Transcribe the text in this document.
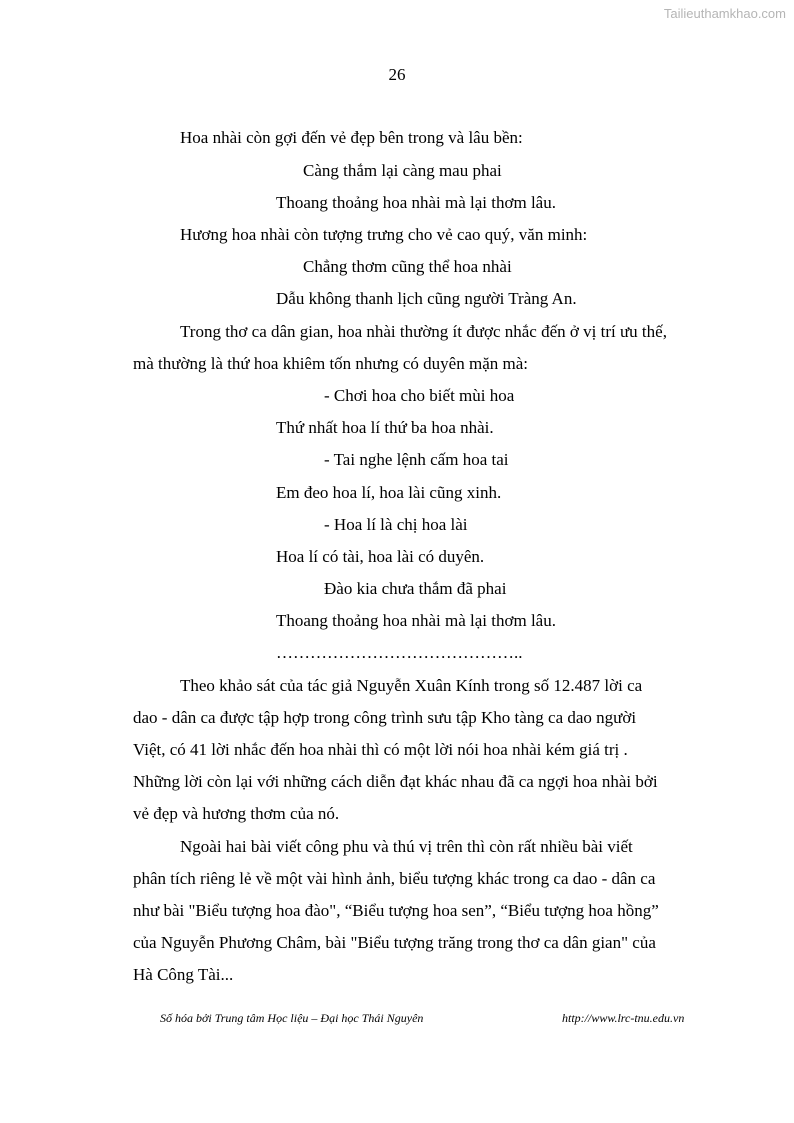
Tailieuthamkhao.com
26
Hoa nhài còn gợi đến vẻ đẹp bên trong và lâu bền:
Càng thắm lại càng mau phai
Thoang thoảng hoa nhài mà lại thơm lâu.
Hương hoa nhài còn tượng trưng cho vẻ cao quý, văn minh:
Chẳng thơm cũng thể hoa nhài
Dẫu không thanh lịch cũng người Tràng An.
Trong thơ ca dân gian, hoa nhài thường ít được nhắc đến ở vị trí ưu thế,
mà thường là thứ hoa khiêm tốn nhưng có duyên mặn mà:
- Chơi hoa cho biết mùi hoa
Thứ nhất hoa lí thứ ba hoa nhài.
- Tai nghe lệnh cấm hoa tai
Em đeo hoa lí, hoa lài cũng xinh.
- Hoa lí là chị hoa lài
Hoa lí có tài, hoa lài có duyên.
Đào kia chưa thắm đã phai
Thoang thoảng hoa nhài mà lại thơm lâu.
……………………………………..
Theo khảo sát của tác giả Nguyễn Xuân Kính trong số 12.487 lời ca
dao - dân ca được tập hợp trong công trình sưu tập Kho tàng ca dao người
Việt, có 41 lời nhắc đến hoa nhài thì có một lời nói hoa nhài kém giá trị .
Những lời còn lại với những cách diễn đạt khác nhau đã ca ngợi hoa nhài bởi
vẻ đẹp và hương thơm của nó.
Ngoài hai bài viết công phu và thú vị trên thì còn rất nhiều bài viết
phân tích riêng lẻ về một vài hình ảnh, biểu tượng khác trong ca dao - dân ca
như bài "Biểu tượng hoa đào", “Biểu tượng hoa sen”, “Biểu tượng hoa hồng”
của Nguyễn Phương Châm, bài "Biểu tượng trăng trong thơ ca dân gian" của
Hà Công Tài...
Số hóa bởi Trung tâm Học liệu – Đại học Thái Nguyên	http://www.lrc-tnu.edu.vn
